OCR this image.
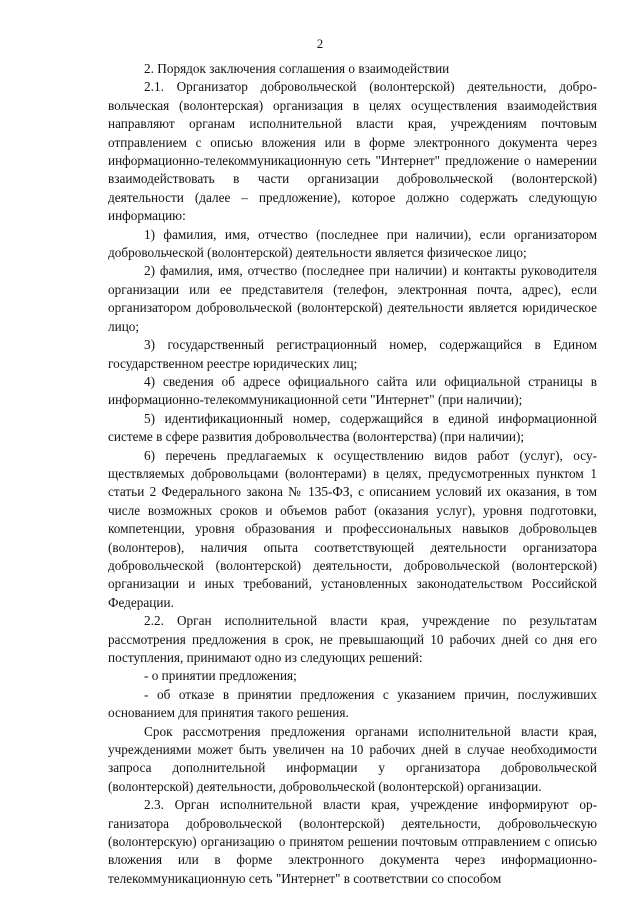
2

2. Порядок заключения соглашения о взаимодействии

2.1. Организатор добровольческой (волонтерской) деятельности, добровольческая (волонтерская) организация в целях осуществления взаимодействия направляют органам исполнительной власти края, учреждениям почтовым отправлением с описью вложения или в форме электронного документа через информационно-телекоммуникационную сеть "Интернет" предложение о намерении взаимодействовать в части организации добровольческой (волонтерской) деятельности (далее – предложение), которое должно содержать следующую информацию:

1) фамилия, имя, отчество (последнее при наличии), если организатором добровольческой (волонтерской) деятельности является физическое лицо;

2) фамилия, имя, отчество (последнее при наличии) и контакты руководителя организации или ее представителя (телефон, электронная почта, адрес), если организатором добровольческой (волонтерской) деятельности является юридическое лицо;

3) государственный регистрационный номер, содержащийся в Едином государственном реестре юридических лиц;

4) сведения об адресе официального сайта или официальной страницы в информационно-телекоммуникационной сети "Интернет" (при наличии);

5) идентификационный номер, содержащийся в единой информационной системе в сфере развития добровольчества (волонтерства) (при наличии);

6) перечень предлагаемых к осуществлению видов работ (услуг), осуществляемых добровольцами (волонтерами) в целях, предусмотренных пунктом 1 статьи 2 Федерального закона № 135-ФЗ, с описанием условий их оказания, в том числе возможных сроков и объемов работ (оказания услуг), уровня подготовки, компетенции, уровня образования и профессиональных навыков добровольцев (волонтеров), наличия опыта соответствующей деятельности организатора добровольческой (волонтерской) деятельности, добровольческой (волонтерской) организации и иных требований, установленных законодательством Российской Федерации.

2.2. Орган исполнительной власти края, учреждение по результатам рассмотрения предложения в срок, не превышающий 10 рабочих дней со дня его поступления, принимают одно из следующих решений:

- о принятии предложения;

- об отказе в принятии предложения с указанием причин, послуживших основанием для принятия такого решения.

Срок рассмотрения предложения органами исполнительной власти края, учреждениями может быть увеличен на 10 рабочих дней в случае необходимости запроса дополнительной информации у организатора добровольческой (волонтерской) деятельности, добровольческой (волонтерской) организации.

2.3. Орган исполнительной власти края, учреждение информируют организатора добровольческой (волонтерской) деятельности, добровольческую (волонтерскую) организацию о принятом решении почтовым отправлением с описью вложения или в форме электронного документа через информационно-телекоммуникационную сеть "Интернет" в соответствии со способом
